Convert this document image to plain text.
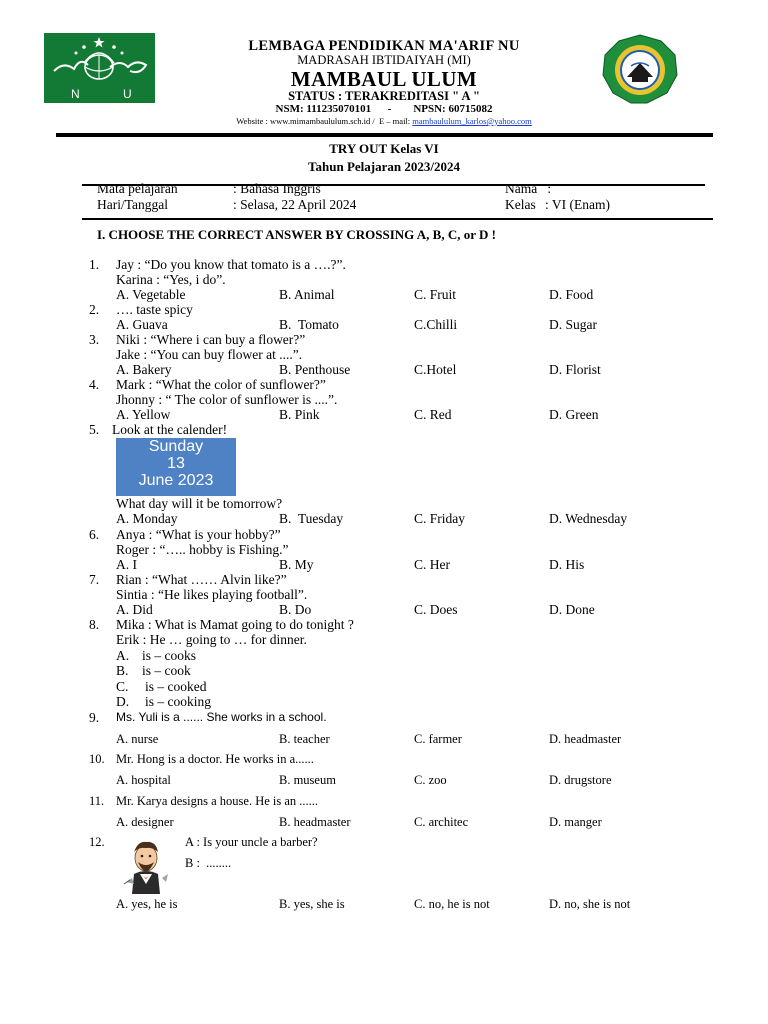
N	U
LEMBAGA PENDIDIKAN MA'ARIF NU
MADRASAH IBTIDAIYAH (MI)
MAMBAUL ULUM
STATUS : TERAKREDITASI " A "
NSM: 111235070101      -        NPSN: 60715082
Website : www.mimambaululum.sch.id /  E – mail: mambaululum_karlos@yahoo.com
TRY OUT Kelas VI
Tahun Pelajaran 2023/2024
Mata pelajaran	: Bahasa Inggris	Nama   :
Hari/Tanggal	: Selasa, 22 April 2024	Kelas : VI (Enam)
I. CHOOSE THE CORRECT ANSWER BY CROSSING A, B, C, or D !
1. Jay : “Do you know that tomato is a ….?”.
Karina : “Yes, i do”.
A. Vegetable	B. Animal	C. Fruit	D. Food
2. …. taste spicy
A. Guava	B.  Tomato	C.Chilli	D. Sugar
3. Niki : “Where i can buy a flower?”
Jake : “You can buy flower at ....”.
A. Bakery	B. Penthouse	C.Hotel	D. Florist
4. Mark : “What the color of sunflower?”
Jhonny : “ The color of sunflower is ....”.
A. Yellow	B. Pink	C. Red	D. Green
5. Look at the calender!
Sunday
13
June 2023
What day will it be tomorrow?
A. Monday	B.  Tuesday	C. Friday	D. Wednesday
6. Anya : “What is your hobby?”
Roger : “….. hobby is Fishing.”
A. I	B. My	C. Her	D. His
7. Rian : “What …… Alvin like?”
Sintia : “He likes playing football”.
A. Did	B. Do	C. Does	D. Done
8. Mika : What is Mamat going to do tonight ?
Erik : He … going to … for dinner.
A. is – cooks
B. is – cook
C. is – cooked
D. is – cooking
9. Ms. Yuli is a ...... She works in a school.
A. nurse	B. teacher	C. farmer	D. headmaster
10. Mr. Hong is a doctor. He works in a......
A. hospital	B. museum	C. zoo	D. drugstore
11. Mr. Karya designs a house. He is an ......
A. designer	B. headmaster	C. architec	D. manger
12.	A : Is your uncle a barber?
B :  ........
A. yes, he is	B. yes, she is	C. no, he is not	D. no, she is not
